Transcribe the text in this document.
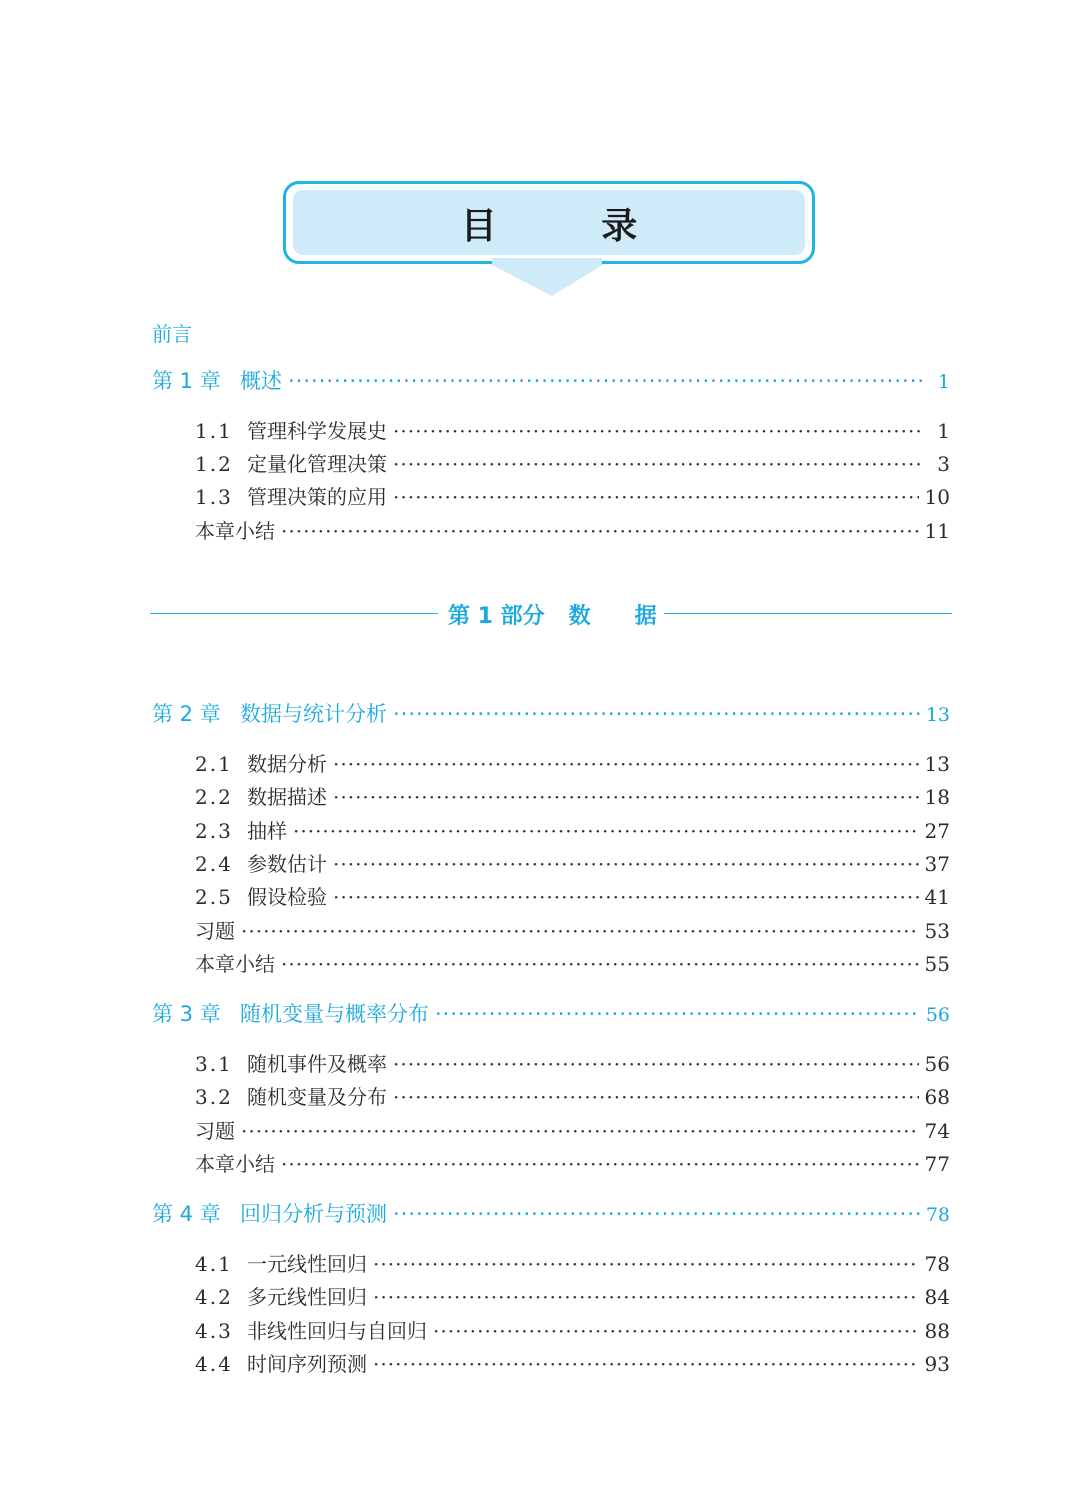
目 录
前言
第 1 章 概述 ·····	1
1.1 管理科学发展史 ·····	1
1.2 定量化管理决策 ·····	3
1.3 管理决策的应用 ·····	10
本章小结 ·····	11
第 1 部分 数 据
第 2 章 数据与统计分析 ·····	13
2.1 数据分析 ·····	13
2.2 数据描述 ·····	18
2.3 抽样 ·····	27
2.4 参数估计 ·····	37
2.5 假设检验 ·····	41
习题 ·····	53
本章小结 ·····	55
第 3 章 随机变量与概率分布 ·····	56
3.1 随机事件及概率 ·····	56
3.2 随机变量及分布 ·····	68
习题 ·····	74
本章小结 ·····	77
第 4 章 回归分析与预测 ·····	78
4.1 一元线性回归 ·····	78
4.2 多元线性回归 ·····	84
4.3 非线性回归与自回归 ·····	88
4.4 时间序列预测 ·····	93
